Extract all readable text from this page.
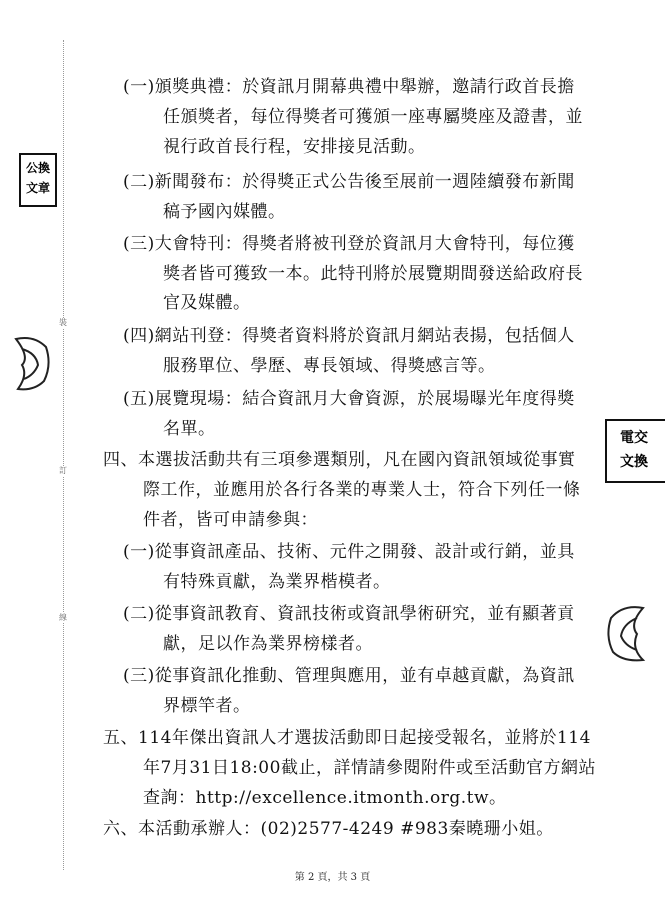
裝
訂
線
公換
文章
電交
文換
(一)頒獎典禮：於資訊月開幕典禮中舉辦，邀請行政首長擔
任頒獎者，每位得獎者可獲頒一座專屬獎座及證書，並
視行政首長行程，安排接見活動。
(二)新聞發布：於得獎正式公告後至展前一週陸續發布新聞
稿予國內媒體。
(三)大會特刊：得獎者將被刊登於資訊月大會特刊，每位獲
獎者皆可獲致一本。此特刊將於展覽期間發送給政府長
官及媒體。
(四)網站刊登：得獎者資料將於資訊月網站表揚，包括個人
服務單位、學歷、專長領域、得獎感言等。
(五)展覽現場：結合資訊月大會資源，於展場曝光年度得獎
名單。
四、本選拔活動共有三項參選類別，凡在國內資訊領域從事實
際工作，並應用於各行各業的專業人士，符合下列任一條
件者，皆可申請參與：
(一)從事資訊產品、技術、元件之開發、設計或行銷，並具
有特殊貢獻，為業界楷模者。
(二)從事資訊教育、資訊技術或資訊學術研究，並有顯著貢
獻，足以作為業界榜樣者。
(三)從事資訊化推動、管理與應用，並有卓越貢獻，為資訊
界標竿者。
五、114年傑出資訊人才選拔活動即日起接受報名，並將於114
年7月31日18:00截止，詳情請參閱附件或至活動官方網站
查詢：http://excellence.itmonth.org.tw。
六、本活動承辦人：(02)2577-4249 #983秦曉珊小姐。
第 2 頁，共 3 頁
